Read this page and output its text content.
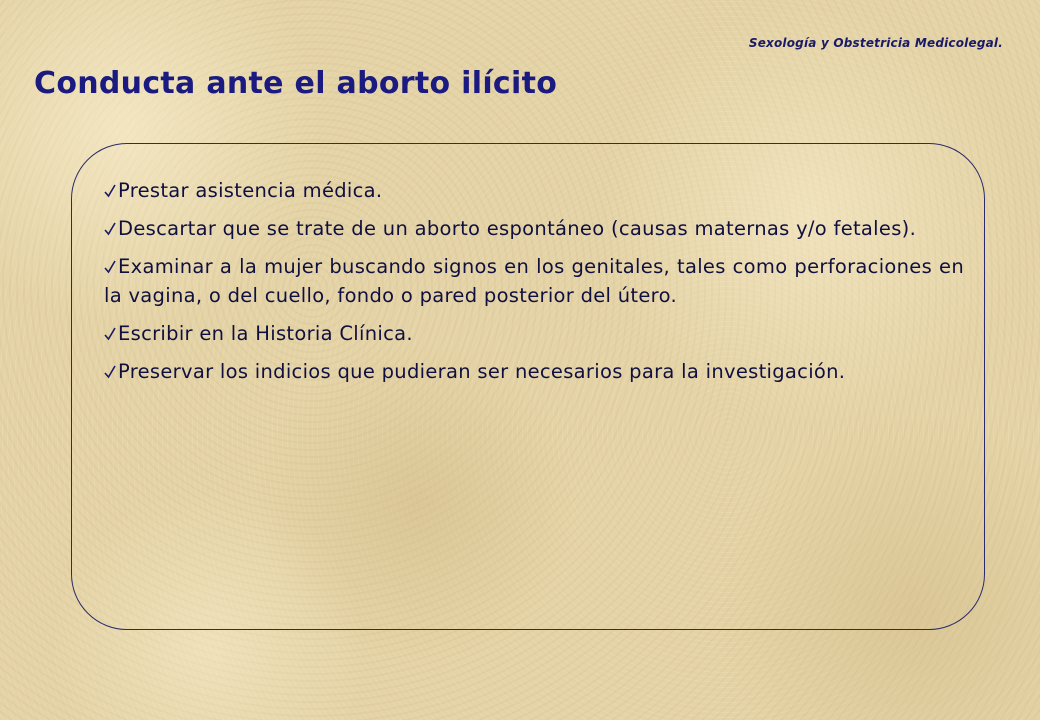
Sexología y Obstetricia Medicolegal.
Conducta ante el aborto ilícito
Prestar asistencia médica.
Descartar que se trate de un aborto espontáneo (causas maternas y/o fetales).
Examinar a la mujer buscando signos en los genitales, tales como perforaciones en la vagina, o del cuello, fondo o pared posterior del útero.
Escribir en la Historia Clínica.
Preservar los indicios que pudieran ser necesarios para la investigación.
